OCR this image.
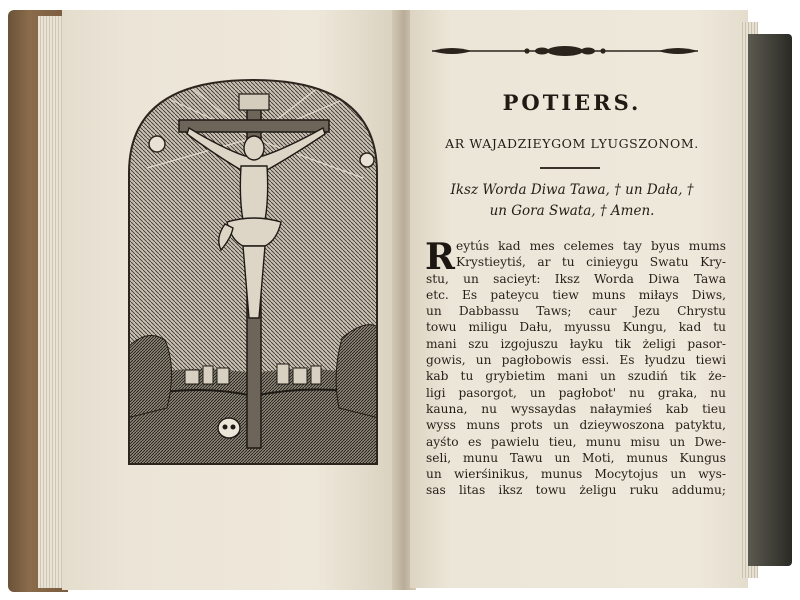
POTIERS.
AR WAJADZIEYGOM LYUGSZONOM.
Iksz Worda Diwa Tawa, † un Dała, †
un Gora Swata, † Amen.
R eytús kad mes celemes tay byus mums
Krystieytiś, ar tu cinieygu Swatu Kry-
stu, un sacieyt: Iksz Worda Diwa Tawa
etc. Es pateycu tiew muns miłays Diws,
un Dabbassu Taws; caur Jezu Chrystu
towu miligu Dału, myussu Kungu, kad tu
mani szu izgojuszu łayku tik żeligi pasor-
gowis, un pagłobowis essi. Es łyudzu tiewi
kab tu grybietim mani un szudiń tik że-
ligi pasorgot, un pagłobot' nu graka, nu
kauna, nu wyssaydas nałaymieś kab tieu
wyss muns prots un dzieywoszona patyktu,
ayśto es pawielu tieu, munu misu un Dwe-
seli, munu Tawu un Moti, munus Kungus
un wierśinikus, munus Mocytojus un wys-
sas litas iksz towu żeligu ruku addumu;
